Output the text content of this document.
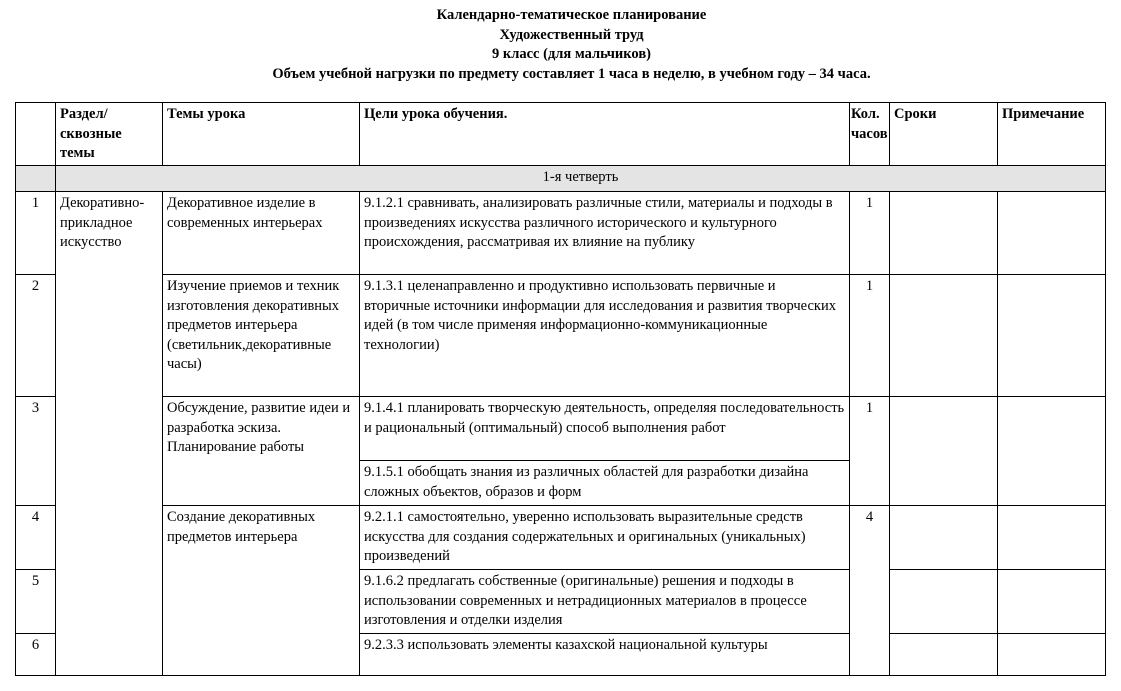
Календарно-тематическое планирование
Художественный труд
9 класс (для мальчиков)
Объем учебной нагрузки по предмету составляет 1 часа в неделю, в учебном году – 34 часа.
	Раздел/ сквозные темы	Темы урока	Цели урока обучения.	Кол. часов	Сроки	Примечание
	1-я четверть					
1	Декоративно-прикладное искусство	Декоративное изделие в современных интерьерах	9.1.2.1 сравнивать, анализировать различные стили, материалы и подходы в произведениях искусства различного исторического и культурного происхождения, рассматривая их влияние на публику	1		
2		Изучение приемов и техник изготовления декоративных предметов интерьера (светильник,декоративные часы)	9.1.3.1 целенаправленно и продуктивно использовать первичные и вторичные источники информации для исследования и развития творческих идей (в том числе применяя информационно-коммуникационные технологии)	1		
3		Обсуждение, развитие идеи и разработка эскиза. Планирование работы	9.1.4.1 планировать творческую деятельность, определяя последовательность и рациональный (оптимальный) способ выполнения работ	1		
			9.1.5.1 обобщать знания из различных областей для разработки дизайна сложных объектов, образов и форм			
4		Создание декоративных предметов интерьера	9.2.1.1 самостоятельно, уверенно использовать выразительные средств искусства для создания содержательных и оригинальных (уникальных) произведений	4		
5			9.1.6.2 предлагать собственные (оригинальные) решения и подходы в использовании современных и нетрадиционных материалов в процессе изготовления и отделки изделия			
6			9.2.3.3 использовать элементы казахской национальной культуры			
